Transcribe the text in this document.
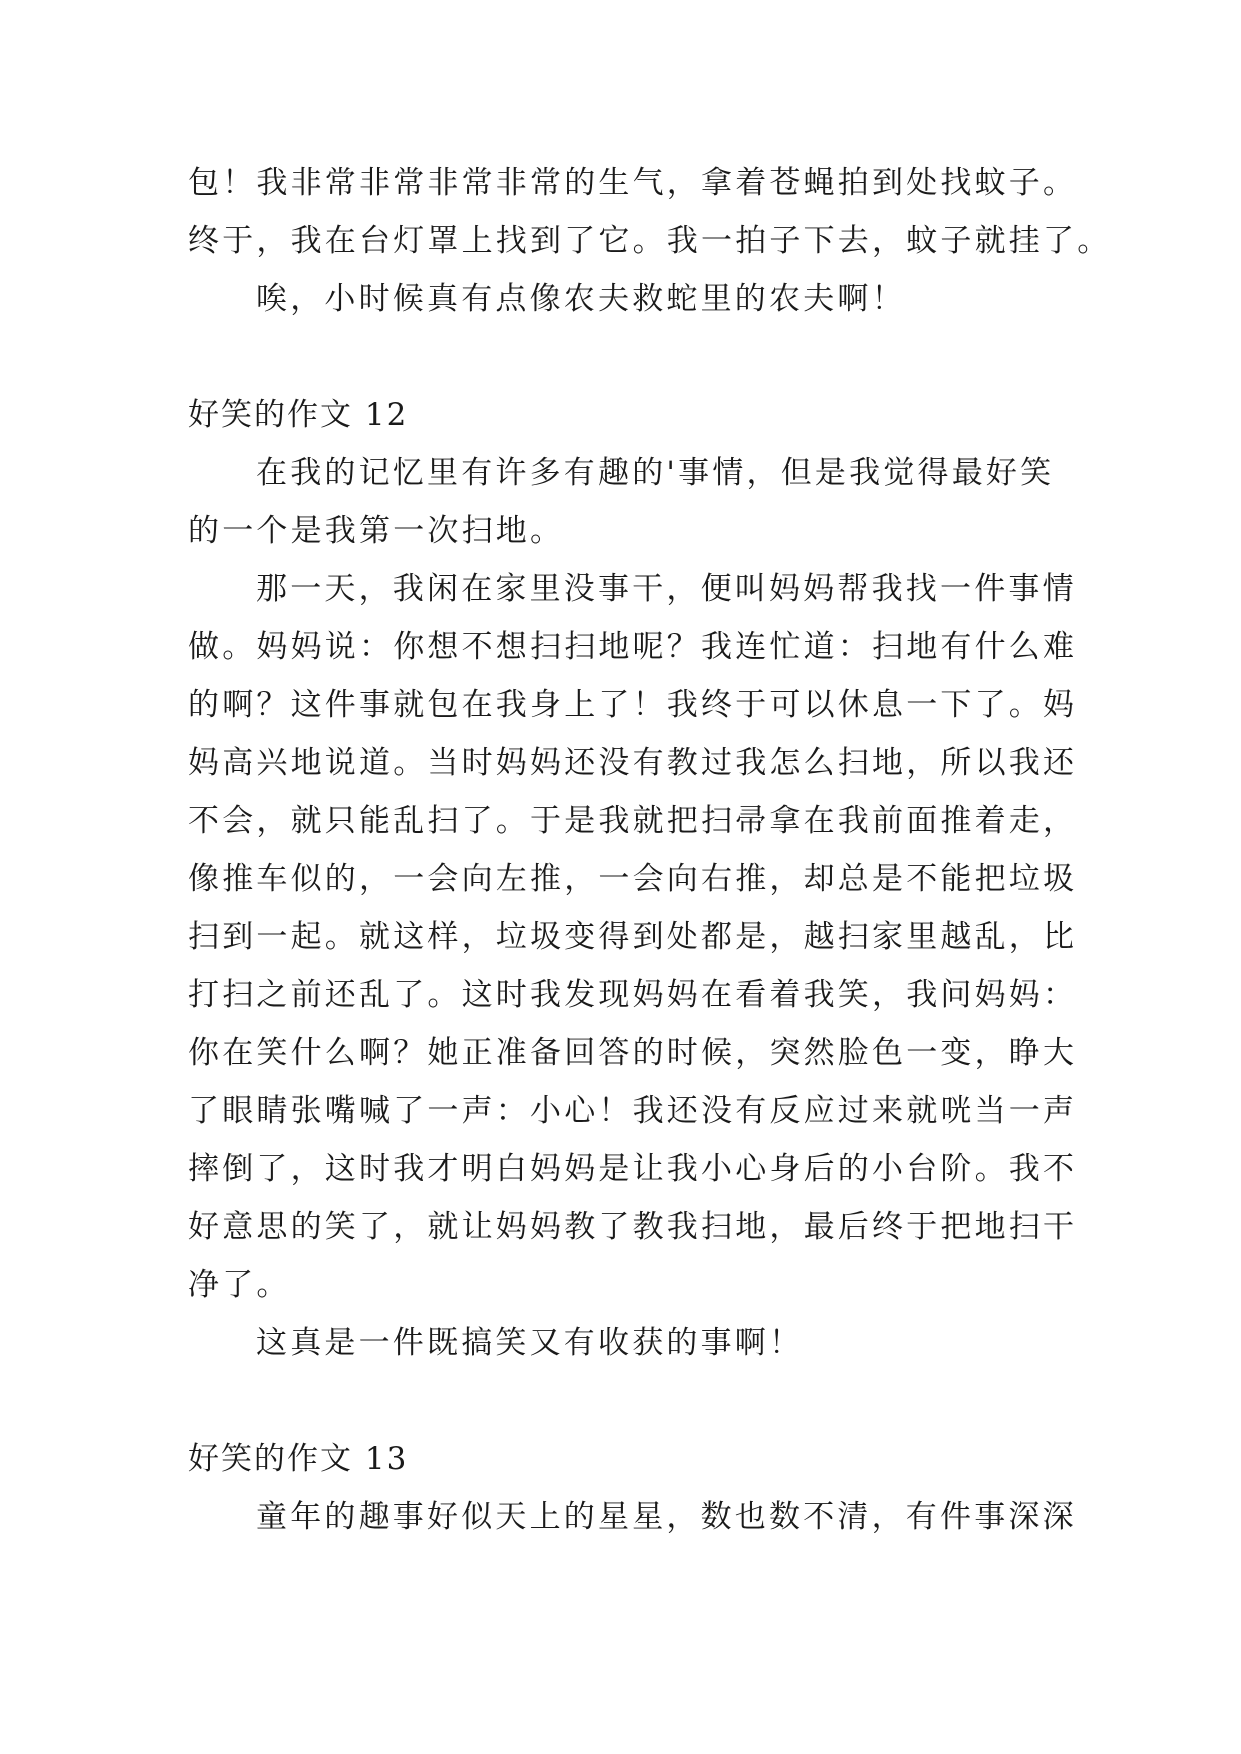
包！我非常非常非常非常的生气，拿着苍蝇拍到处找蚊子。
终于，我在台灯罩上找到了它。我一拍子下去，蚊子就挂了。
唉，小时候真有点像农夫救蛇里的农夫啊！
好笑的作文 12
在我的记忆里有许多有趣的'事情，但是我觉得最好笑
的一个是我第一次扫地。
那一天，我闲在家里没事干，便叫妈妈帮我找一件事情
做。妈妈说：你想不想扫扫地呢？我连忙道：扫地有什么难
的啊？这件事就包在我身上了！我终于可以休息一下了。妈
妈高兴地说道。当时妈妈还没有教过我怎么扫地，所以我还
不会，就只能乱扫了。于是我就把扫帚拿在我前面推着走，
像推车似的，一会向左推，一会向右推，却总是不能把垃圾
扫到一起。就这样，垃圾变得到处都是，越扫家里越乱，比
打扫之前还乱了。这时我发现妈妈在看着我笑，我问妈妈：
你在笑什么啊？她正准备回答的时候，突然脸色一变，睁大
了眼睛张嘴喊了一声：小心！我还没有反应过来就咣当一声
摔倒了，这时我才明白妈妈是让我小心身后的小台阶。我不
好意思的笑了，就让妈妈教了教我扫地，最后终于把地扫干
净了。
这真是一件既搞笑又有收获的事啊！
好笑的作文 13
童年的趣事好似天上的星星，数也数不清，有件事深深
